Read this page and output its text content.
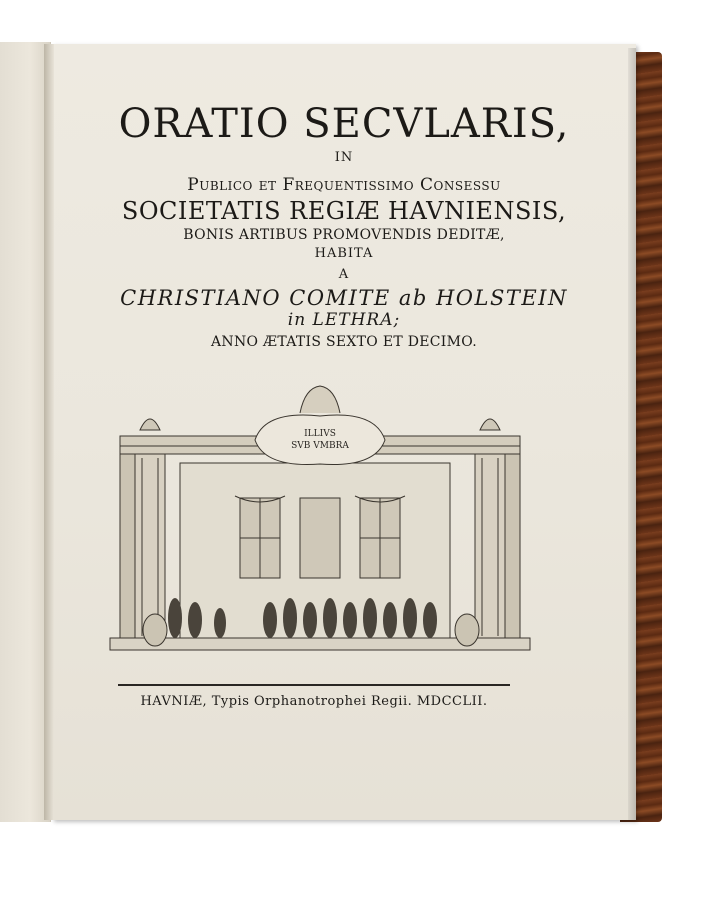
ORATIO SECVLARIS,
IN
Publico et Frequentissimo Consessu
SOCIETATIS REGIÆ HAVNIENSIS,
BONIS ARTIBUS PROMOVENDIS DEDITÆ,
HABITA
A
CHRISTIANO COMITE ab HOLSTEIN
in LETHRA;
ANNO ÆTATIS SEXTO ET DECIMO.
ILLIVS
SVB VMBRA
HAVNIÆ, Typis Orphanotrophei Regii. MDCCLII.
